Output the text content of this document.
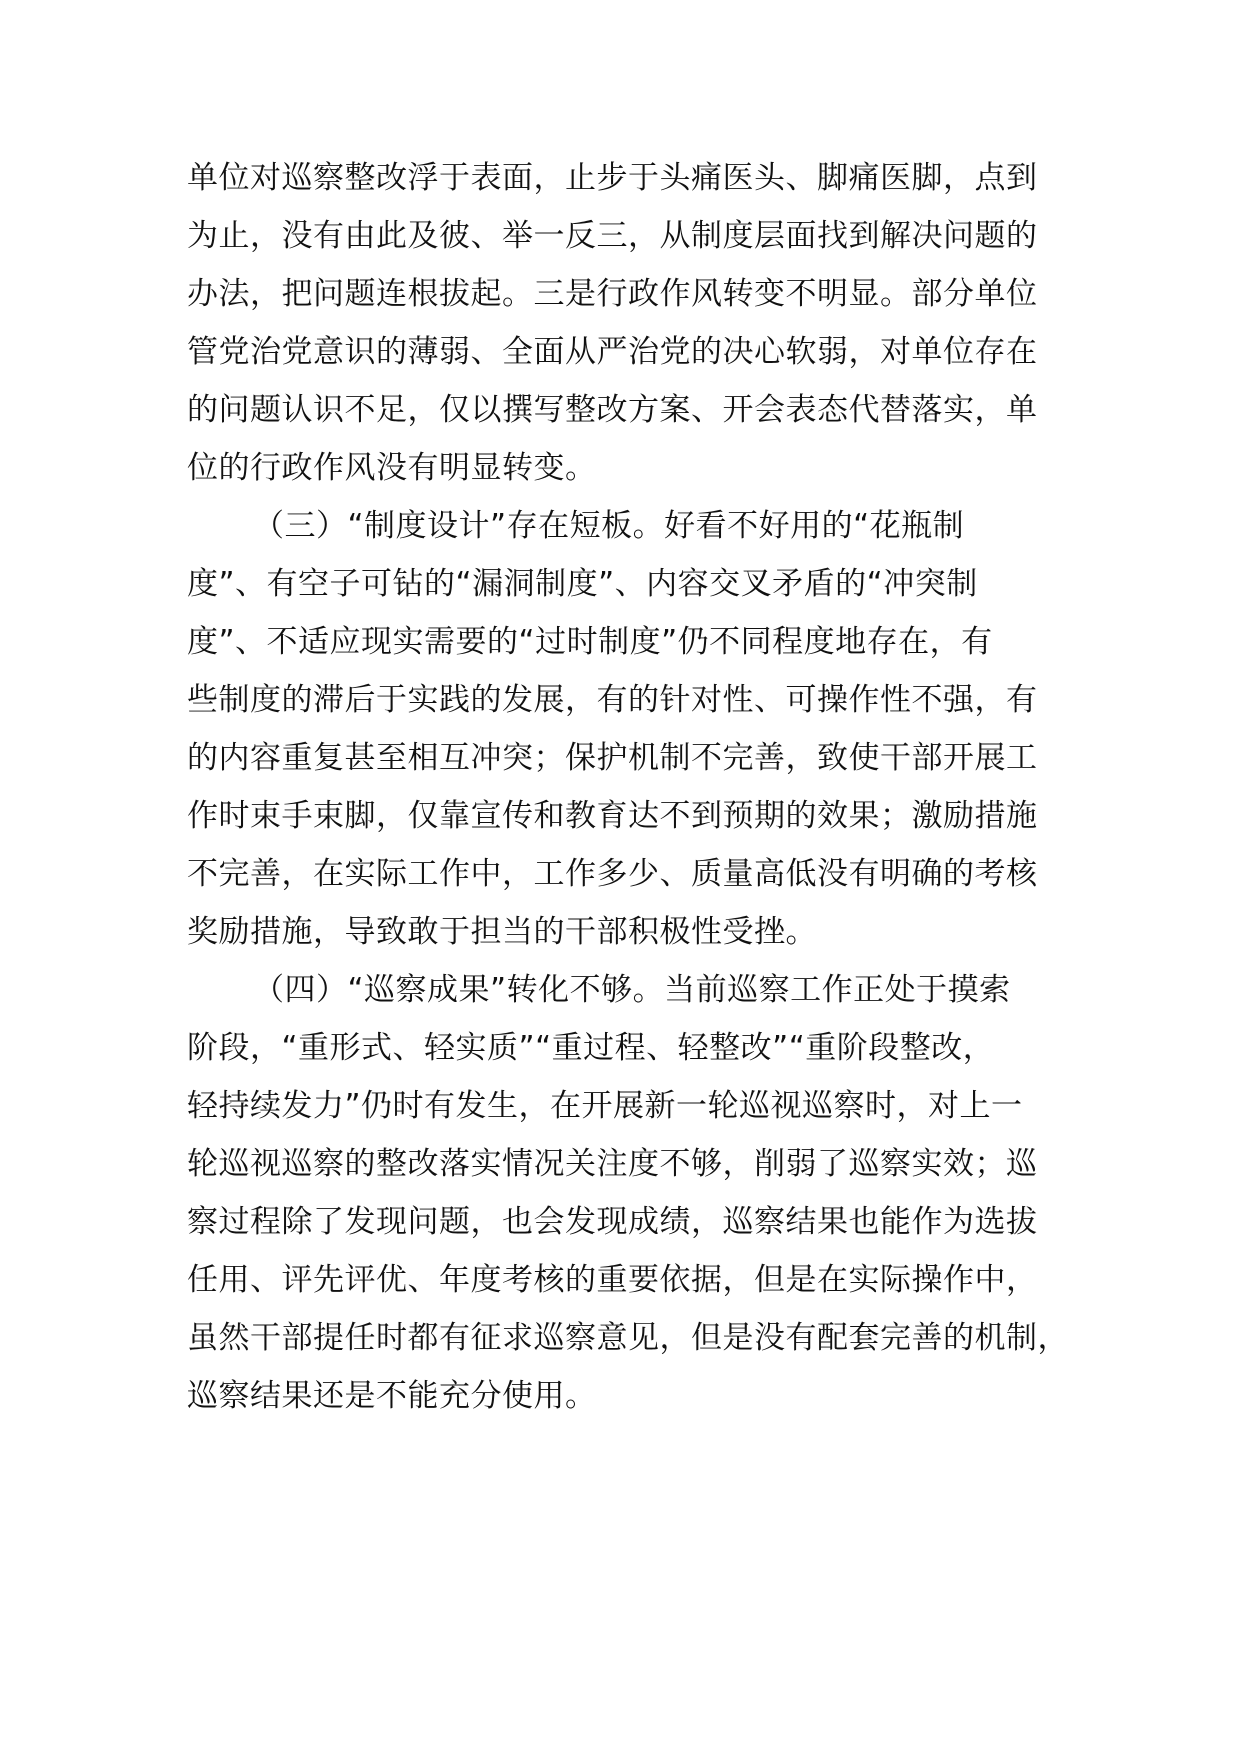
单位对巡察整改浮于表面，止步于头痛医头、脚痛医脚，点到
为止，没有由此及彼、举一反三，从制度层面找到解决问题的
办法，把问题连根拔起。三是行政作风转变不明显。部分单位
管党治党意识的薄弱、全面从严治党的决心软弱，对单位存在
的问题认识不足，仅以撰写整改方案、开会表态代替落实，单
位的行政作风没有明显转变。
（三）“制度设计”存在短板。好看不好用的“花瓶制
度”、有空子可钻的“漏洞制度”、内容交叉矛盾的“冲突制
度”、不适应现实需要的“过时制度”仍不同程度地存在，有
些制度的滞后于实践的发展，有的针对性、可操作性不强，有
的内容重复甚至相互冲突；保护机制不完善，致使干部开展工
作时束手束脚，仅靠宣传和教育达不到预期的效果；激励措施
不完善，在实际工作中，工作多少、质量高低没有明确的考核
奖励措施，导致敢于担当的干部积极性受挫。
（四）“巡察成果”转化不够。当前巡察工作正处于摸索
阶段，“重形式、轻实质”“重过程、轻整改”“重阶段整改，
轻持续发力”仍时有发生，在开展新一轮巡视巡察时，对上一
轮巡视巡察的整改落实情况关注度不够，削弱了巡察实效；巡
察过程除了发现问题，也会发现成绩，巡察结果也能作为选拔
任用、评先评优、年度考核的重要依据，但是在实际操作中，
虽然干部提任时都有征求巡察意见，但是没有配套完善的机制，
巡察结果还是不能充分使用。
